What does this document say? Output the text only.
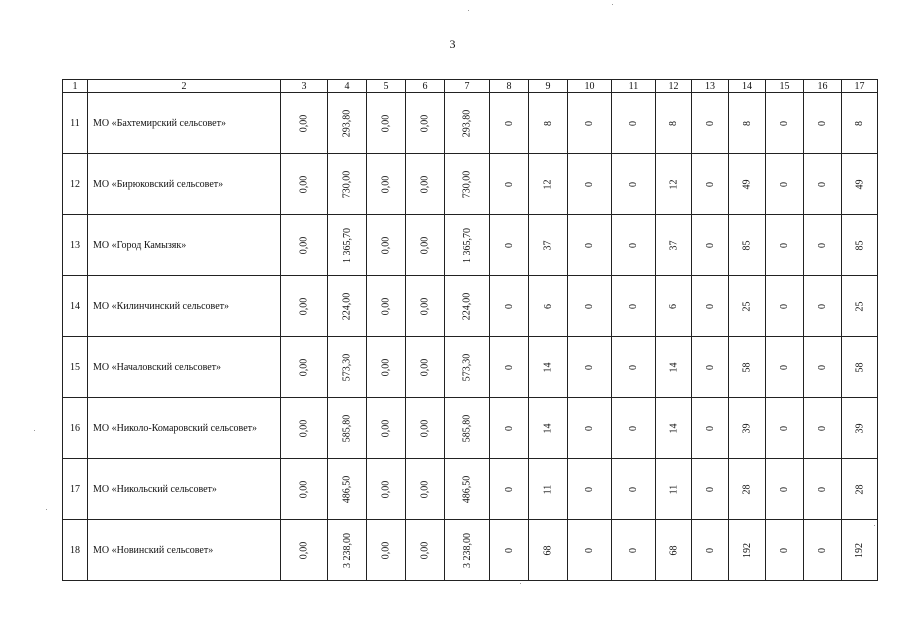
3
1	2	3	4	5	6	7	8	9	10	11	12	13	14	15	16	17
11	МО «Бахтемирский сельсовет»	0,00	293,80	0,00	0,00	293,80	0	8	0	0	8	0	8	0	0	8
12	МО «Бирюковский сельсовет»	0,00	730,00	0,00	0,00	730,00	0	12	0	0	12	0	49	0	0	49
13	МО «Город Камызяк»	0,00	1 365,70	0,00	0,00	1 365,70	0	37	0	0	37	0	85	0	0	85
14	МО «Килинчинский сельсовет»	0,00	224,00	0,00	0,00	224,00	0	6	0	0	6	0	25	0	0	25
15	МО «Началовский сельсовет»	0,00	573,30	0,00	0,00	573,30	0	14	0	0	14	0	58	0	0	58
16	МО «Николо-Комаровский сельсовет»	0,00	585,80	0,00	0,00	585,80	0	14	0	0	14	0	39	0	0	39
17	МО «Никольский сельсовет»	0,00	486,50	0,00	0,00	486,50	0	11	0	0	11	0	28	0	0	28
18	МО «Новинский сельсовет»	0,00	3 238,00	0,00	0,00	3 238,00	0	68	0	0	68	0	192	0	0	192
